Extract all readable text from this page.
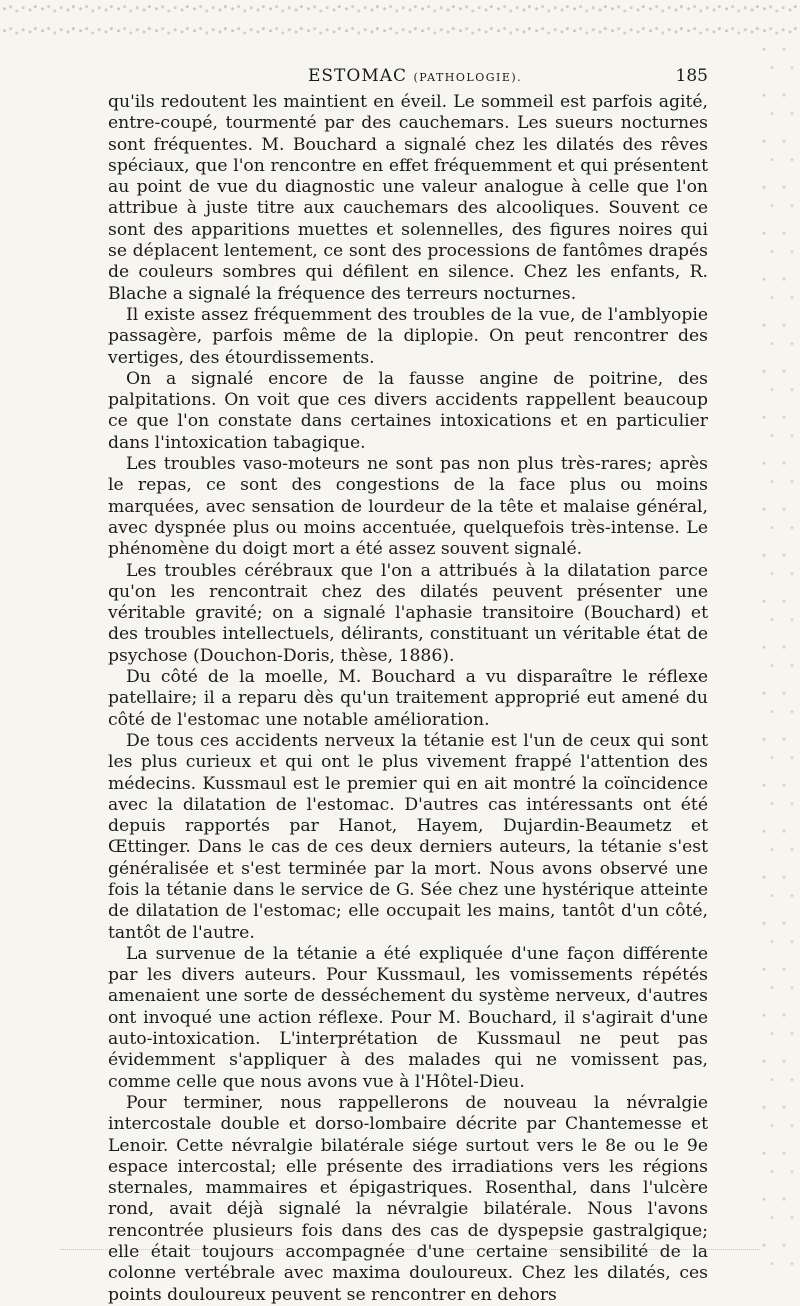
ESTOMAC (PATHOLOGIE).	185

qu'ils redoutent les maintient en éveil. Le sommeil est parfois agité, entre-coupé, tourmenté par des cauchemars. Les sueurs nocturnes sont fréquentes. M. Bouchard a signalé chez les dilatés des rêves spéciaux, que l'on rencontre en effet fréquemment et qui présentent au point de vue du diagnostic une valeur analogue à celle que l'on attribue à juste titre aux cauchemars des alcooliques. Souvent ce sont des apparitions muettes et solennelles, des figures noires qui se déplacent lentement, ce sont des processions de fantômes drapés de couleurs sombres qui défilent en silence. Chez les enfants, R. Blache a signalé la fréquence des terreurs nocturnes.

Il existe assez fréquemment des troubles de la vue, de l'amblyopie passagère, parfois même de la diplopie. On peut rencontrer des vertiges, des étourdissements.

On a signalé encore de la fausse angine de poitrine, des palpitations. On voit que ces divers accidents rappellent beaucoup ce que l'on constate dans certaines intoxications et en particulier dans l'intoxication tabagique.

Les troubles vaso-moteurs ne sont pas non plus très-rares; après le repas, ce sont des congestions de la face plus ou moins marquées, avec sensation de lourdeur de la tête et malaise général, avec dyspnée plus ou moins accentuée, quelquefois très-intense. Le phénomène du doigt mort a été assez souvent signalé.

Les troubles cérébraux que l'on a attribués à la dilatation parce qu'on les rencontrait chez des dilatés peuvent présenter une véritable gravité; on a signalé l'aphasie transitoire (Bouchard) et des troubles intellectuels, délirants, constituant un véritable état de psychose (Douchon-Doris, thèse, 1886).

Du côté de la moelle, M. Bouchard a vu disparaître le réflexe patellaire; il a reparu dès qu'un traitement approprié eut amené du côté de l'estomac une notable amélioration.

De tous ces accidents nerveux la tétanie est l'un de ceux qui sont les plus curieux et qui ont le plus vivement frappé l'attention des médecins. Kussmaul est le premier qui en ait montré la coïncidence avec la dilatation de l'estomac. D'autres cas intéressants ont été depuis rapportés par Hanot, Hayem, Dujardin-Beaumetz et Œttinger. Dans le cas de ces deux derniers auteurs, la tétanie s'est généralisée et s'est terminée par la mort. Nous avons observé une fois la tétanie dans le service de G. Sée chez une hystérique atteinte de dilatation de l'estomac; elle occupait les mains, tantôt d'un côté, tantôt de l'autre.

La survenue de la tétanie a été expliquée d'une façon différente par les divers auteurs. Pour Kussmaul, les vomissements répétés amenaient une sorte de desséchement du système nerveux, d'autres ont invoqué une action réflexe. Pour M. Bouchard, il s'agirait d'une auto-intoxication. L'interprétation de Kussmaul ne peut pas évidemment s'appliquer à des malades qui ne vomissent pas, comme celle que nous avons vue à l'Hôtel-Dieu.

Pour terminer, nous rappellerons de nouveau la névralgie intercostale double et dorso-lombaire décrite par Chantemesse et Lenoir. Cette névralgie bilatérale siége surtout vers le 8e ou le 9e espace intercostal; elle présente des irradiations vers les régions sternales, mammaires et épigastriques. Rosenthal, dans l'ulcère rond, avait déjà signalé la névralgie bilatérale. Nous l'avons rencontrée plusieurs fois dans des cas de dyspepsie gastralgique; elle était toujours accompagnée d'une certaine sensibilité de la colonne vertébrale avec maxima douloureux. Chez les dilatés, ces points douloureux peuvent se rencontrer en dehors
